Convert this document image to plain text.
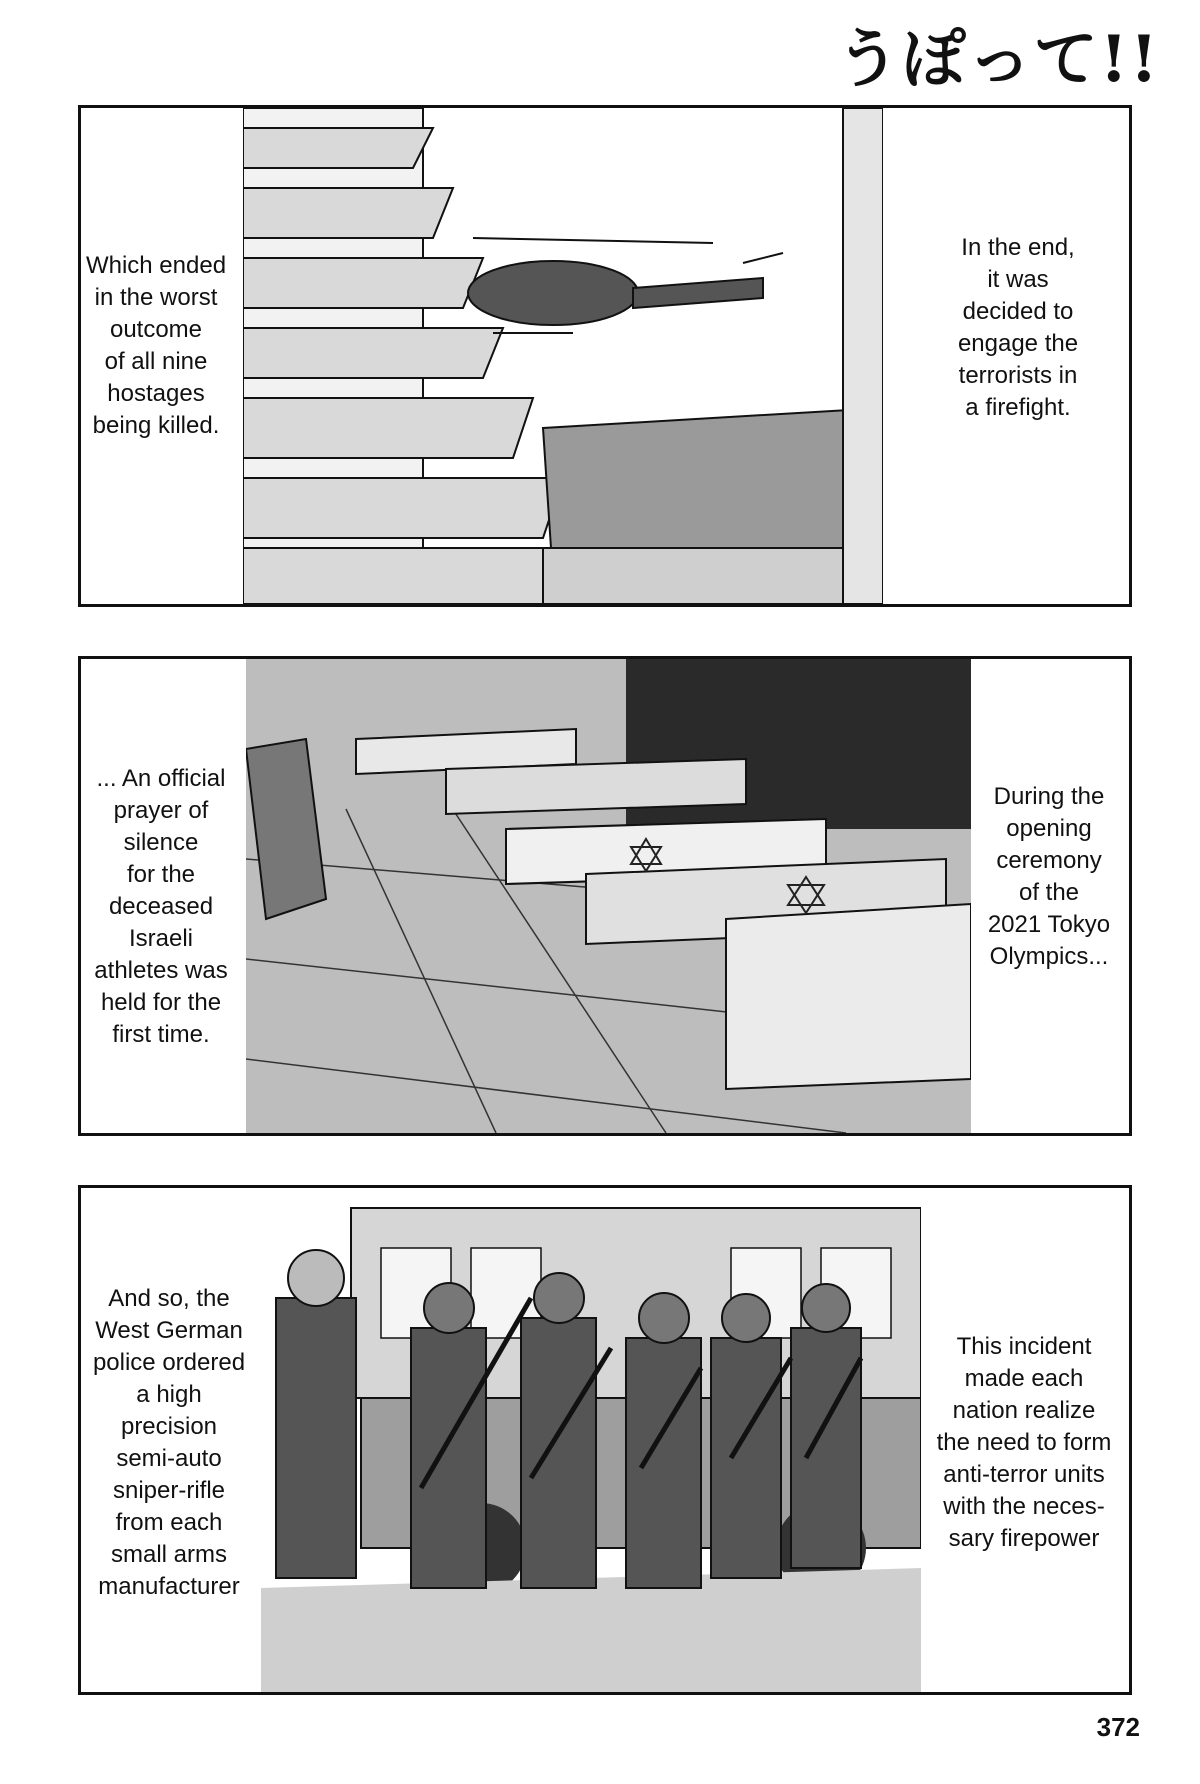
うぽって!!
Which ended
in the worst
outcome
of all nine
hostages
being killed.
In the end,
it was
decided to
engage the
terrorists in
a firefight.
... An official
prayer of
silence
for the
deceased
Israeli
athletes was
held for the
first time.
During the
opening
ceremony
of the
2021 Tokyo
Olympics...
And so, the
West German
police ordered
a high
precision
semi-auto
sniper-rifle
from each
small arms
manufacturer
This incident
made each
nation realize
the need to form
anti-terror units
with the neces-
sary firepower
372
